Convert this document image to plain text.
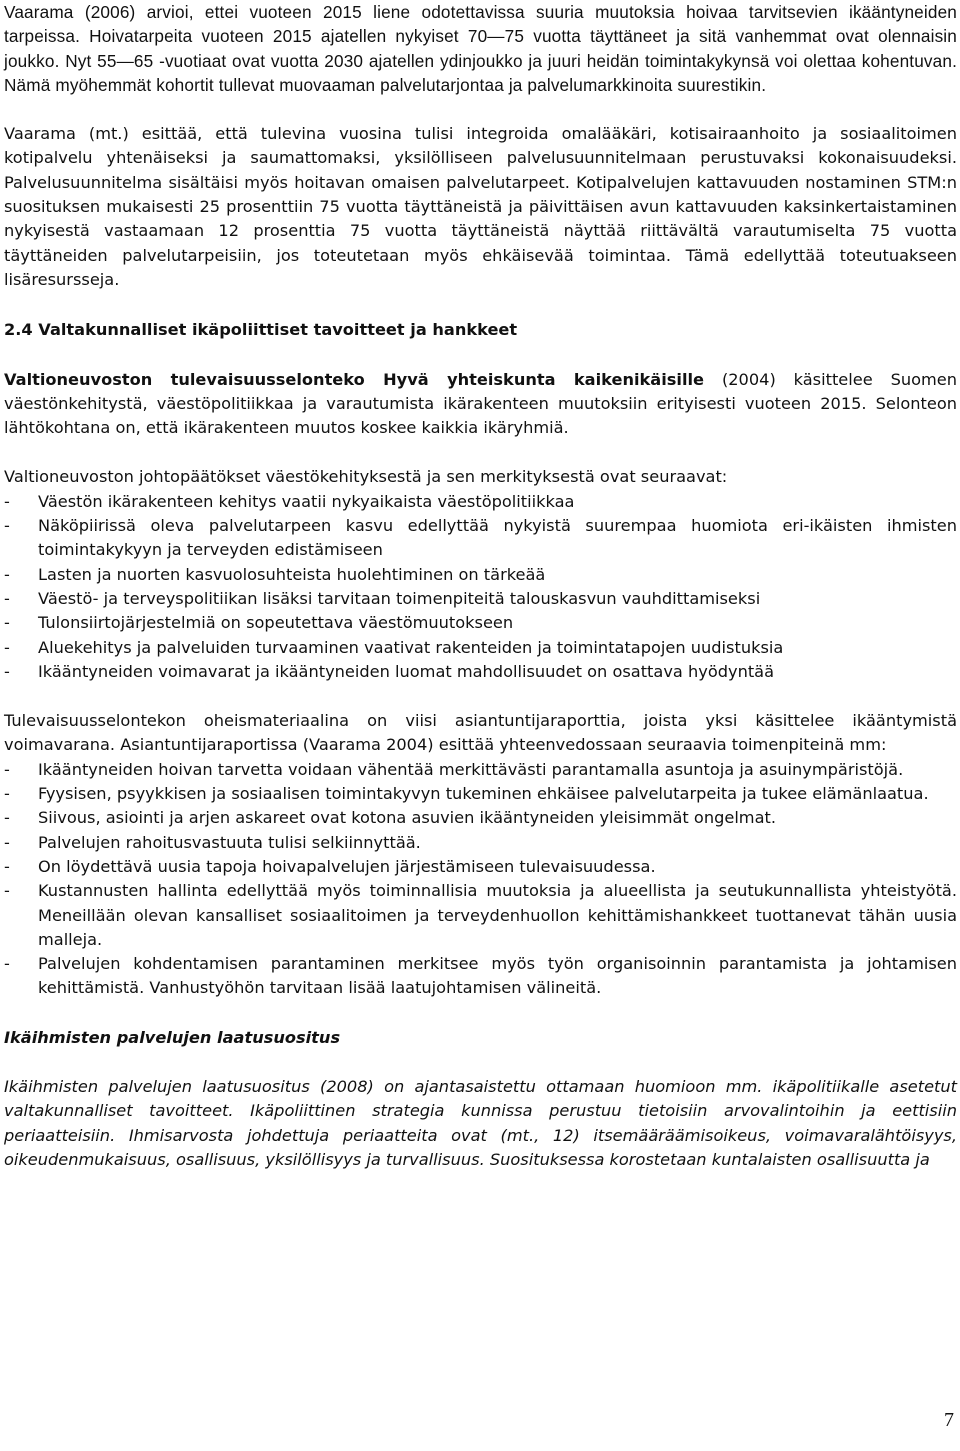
Vaarama (2006) arvioi, ettei vuoteen 2015 liene odotettavissa suuria muutoksia hoivaa tarvitsevien ikääntyneiden tarpeissa. Hoivatarpeita vuoteen 2015 ajatellen nykyiset 70—75 vuotta täyttäneet ja sitä vanhemmat ovat olennaisin joukko. Nyt 55—65 -vuotiaat ovat vuotta 2030 ajatellen ydinjoukko ja juuri heidän toimintakykynsä voi olettaa kohentuvan. Nämä myöhemmät kohortit tullevat muovaaman palvelutarjontaa ja palvelumarkkinoita suurestikin.

Vaarama (mt.) esittää, että tulevina vuosina tulisi integroida omalääkäri, kotisairaanhoito ja sosiaalitoimen kotipalvelu yhtenäiseksi ja saumattomaksi, yksilölliseen palvelusuunnitelmaan perustuvaksi kokonaisuudeksi. Palvelusuunnitelma sisältäisi myös hoitavan omaisen palvelutarpeet. Kotipalvelujen kattavuuden nostaminen STM:n suosituksen mukaisesti 25 prosenttiin 75 vuotta täyttäneistä ja päivittäisen avun kattavuuden kaksinkertaistaminen nykyisestä vastaamaan 12 prosenttia 75 vuotta täyttäneistä näyttää riittävältä varautumiselta 75 vuotta täyttäneiden palvelutarpeisiin, jos toteutetaan myös ehkäisevää toimintaa. Tämä edellyttää toteutuakseen lisäresursseja.

2.4 Valtakunnalliset ikäpoliittiset tavoitteet ja hankkeet

Valtioneuvoston tulevaisuusselonteko Hyvä yhteiskunta kaikenikäisille (2004) käsittelee Suomen väestönkehitystä, väestöpolitiikkaa ja varautumista ikärakenteen muutoksiin erityisesti vuoteen 2015. Selonteon lähtökohtana on, että ikärakenteen muutos koskee kaikkia ikäryhmiä.

Valtioneuvoston johtopäätökset väestökehityksestä ja sen merkityksestä ovat seuraavat:

- Väestön ikärakenteen kehitys vaatii nykyaikaista väestöpolitiikkaa
- Näköpiirissä oleva palvelutarpeen kasvu edellyttää nykyistä suurempaa huomiota eri-ikäisten ihmisten toimintakykyyn ja terveyden edistämiseen
- Lasten ja nuorten kasvuolosuhteista huolehtiminen on tärkeää
- Väestö- ja terveyspolitiikan lisäksi tarvitaan toimenpiteitä talouskasvun vauhdittamiseksi
- Tulonsiirtojärjestelmiä on sopeutettava väestömuutokseen
- Aluekehitys ja palveluiden turvaaminen vaativat rakenteiden ja toimintatapojen uudistuksia
- Ikääntyneiden voimavarat ja ikääntyneiden luomat mahdollisuudet on osattava hyödyntää

Tulevaisuusselontekon oheismateriaalina on viisi asiantuntijaraporttia, joista yksi käsittelee ikääntymistä voimavarana. Asiantuntijaraportissa (Vaarama 2004) esittää yhteenvedossaan seuraavia toimenpiteinä mm:

- Ikääntyneiden hoivan tarvetta voidaan vähentää merkittävästi parantamalla asuntoja ja asuinympäristöjä.
- Fyysisen, psyykkisen ja sosiaalisen toimintakyvyn tukeminen ehkäisee palvelutarpeita ja tukee elämänlaatua.
- Siivous, asiointi ja arjen askareet ovat kotona asuvien ikääntyneiden yleisimmät ongelmat.
- Palvelujen rahoitusvastuuta tulisi selkiinnyttää.
- On löydettävä uusia tapoja hoivapalvelujen järjestämiseen tulevaisuudessa.
- Kustannusten hallinta edellyttää myös toiminnallisia muutoksia ja alueellista ja seutukunnallista yhteistyötä. Meneillään olevan kansalliset sosiaalitoimen ja terveydenhuollon kehittämishankkeet tuottanevat tähän uusia malleja.
- Palvelujen kohdentamisen parantaminen merkitsee myös työn organisoinnin parantamista ja johtamisen kehittämistä. Vanhustyöhön tarvitaan lisää laatujohtamisen välineitä.

Ikäihmisten palvelujen laatusuositus

Ikäihmisten palvelujen laatusuositus (2008) on ajantasaistettu ottamaan huomioon mm. ikäpolitiikalle asetetut valtakunnalliset tavoitteet. Ikäpoliittinen strategia kunnissa perustuu tietoisiin arvovalintoihin ja eettisiin periaatteisiin. Ihmisarvosta johdettuja periaatteita ovat (mt., 12) itsemääräämisoikeus, voimavaralähtöisyys, oikeudenmukaisuus, osallisuus, yksilöllisyys ja turvallisuus. Suosituksessa korostetaan kuntalaisten osallisuutta ja

7
